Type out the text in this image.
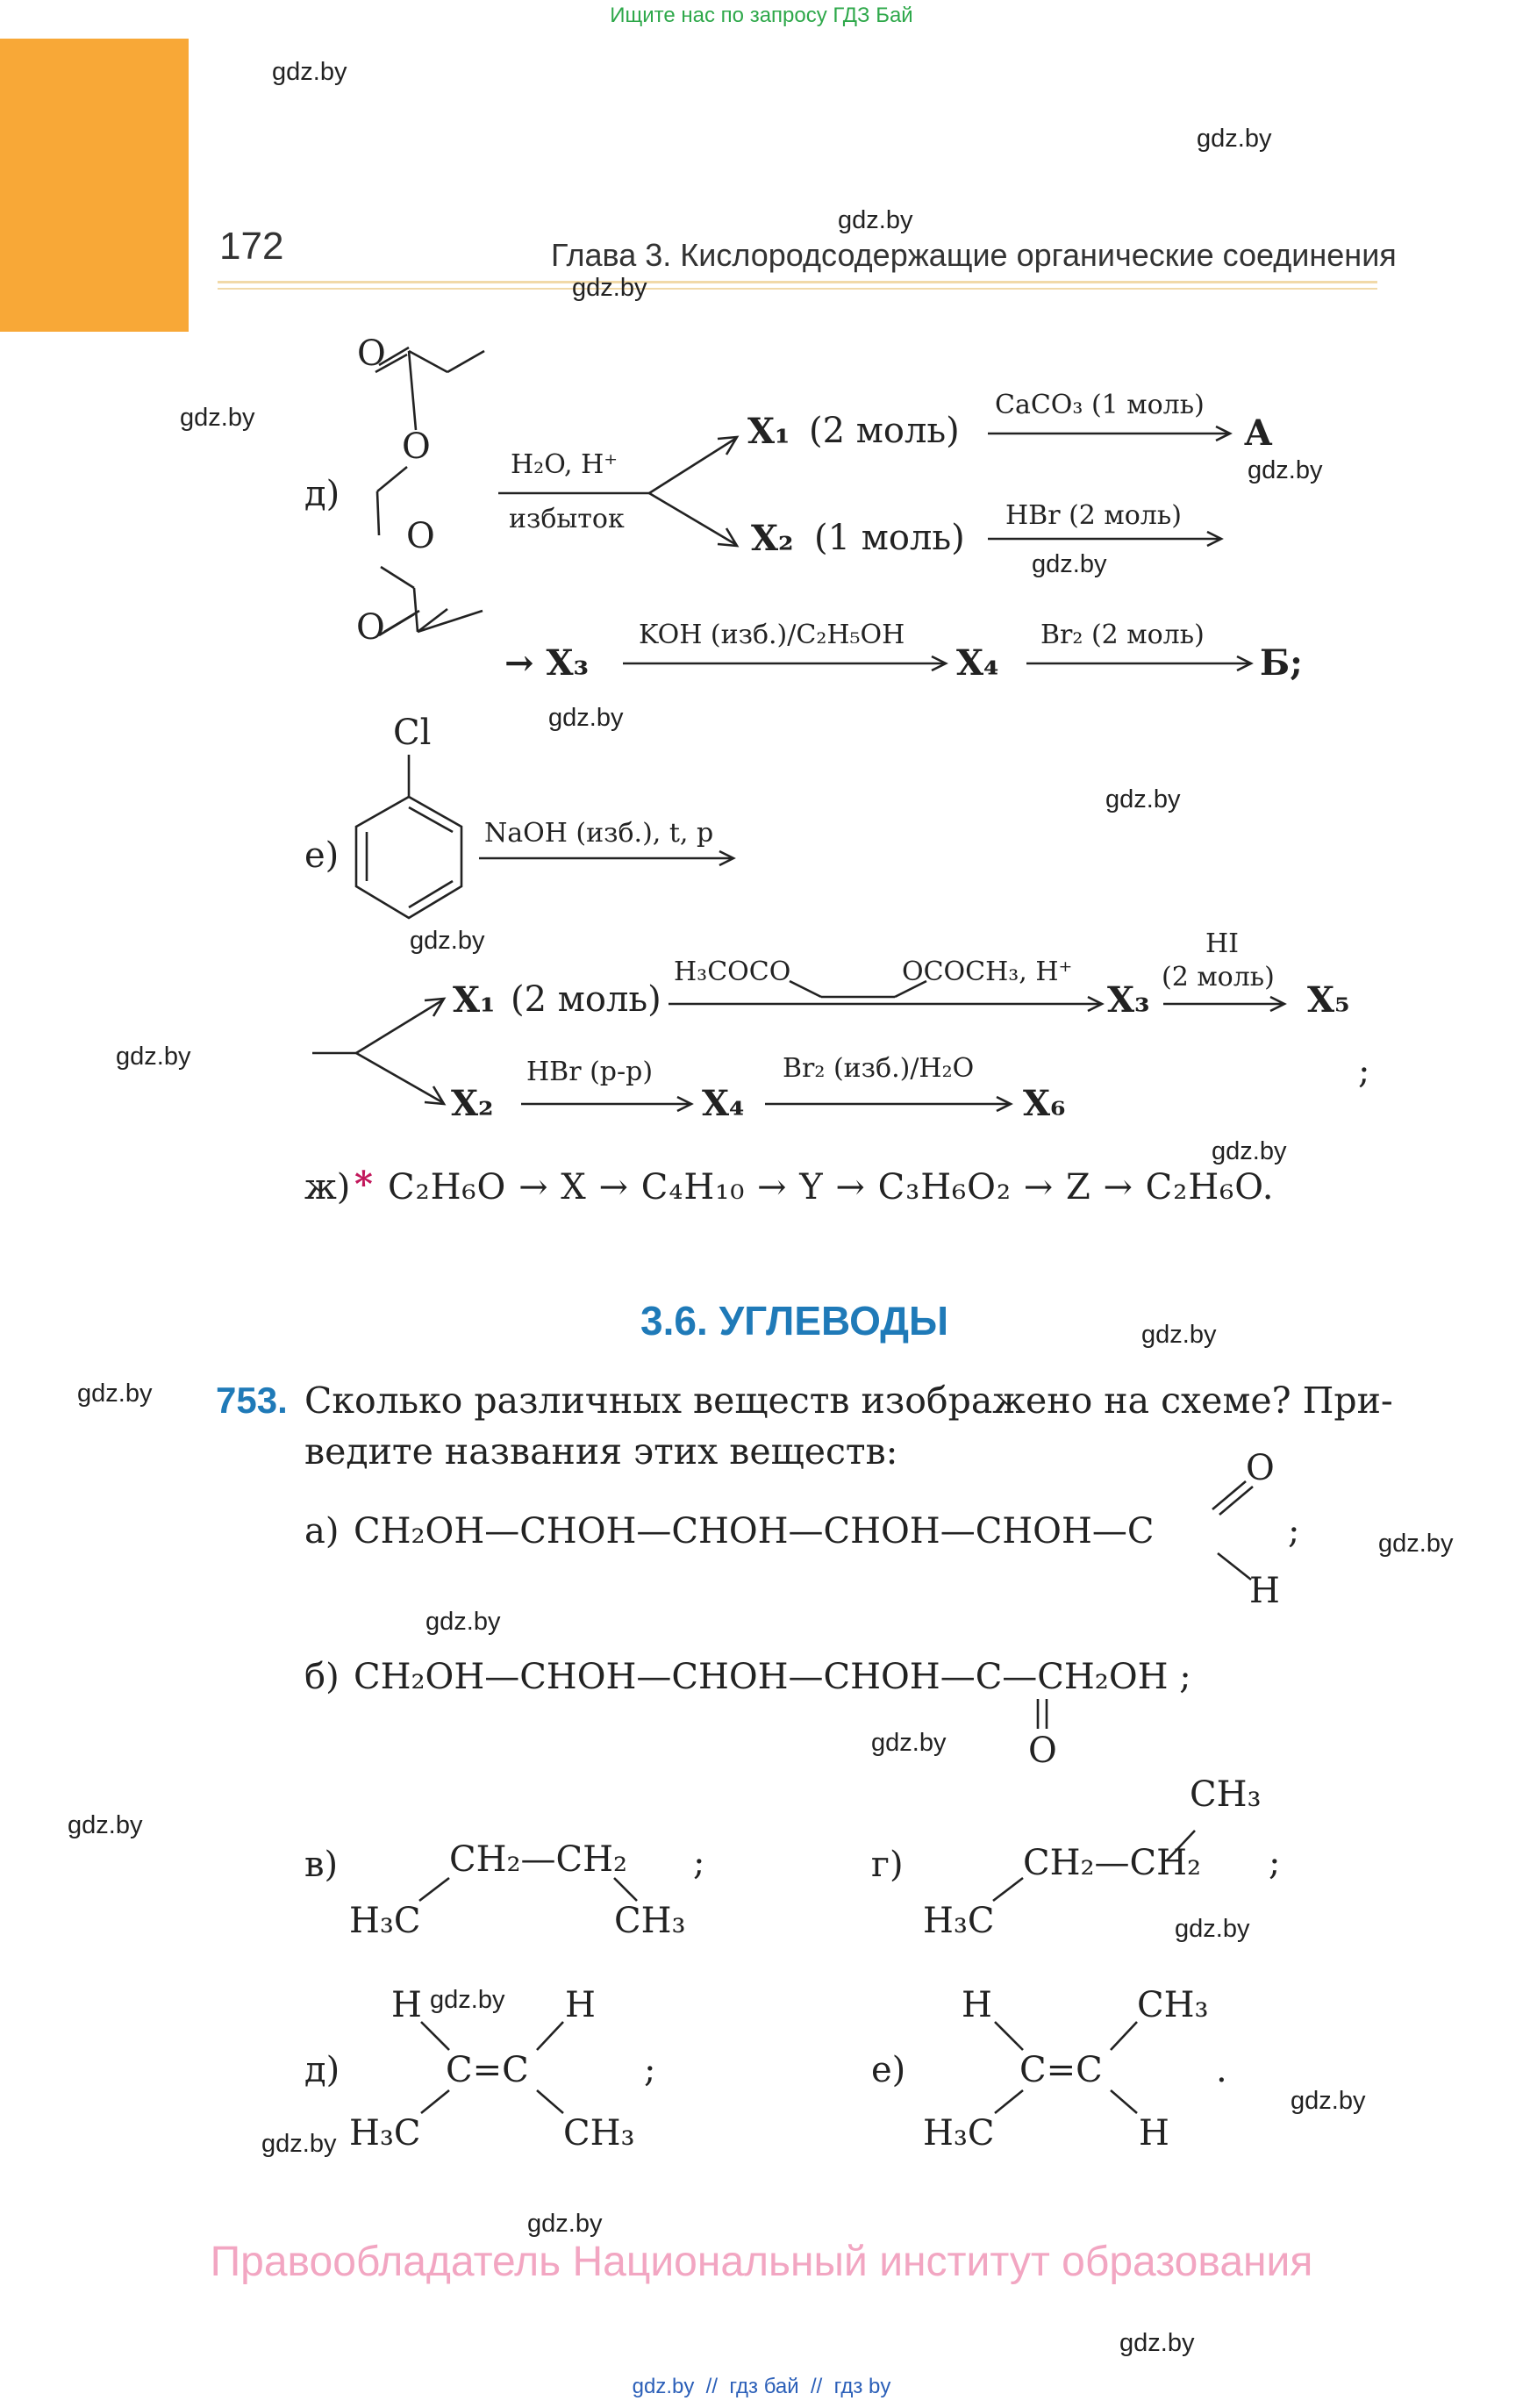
Ищите нас по запросу ГДЗ Бай
172	Глава 3. Кислородсодержащие органические соединения
gdz.by
gdz.by
gdz.by
gdz.by
gdz.by
gdz.by
gdz.by
gdz.by
gdz.by
gdz.by
gdz.by
gdz.by
gdz.by
gdz.by
gdz.by
gdz.by
gdz.by
gdz.by
gdz.by
gdz.by
gdz.by
gdz.by
gdz.by
gdz.by
д)
O
O
O
O
H₂O, H⁺
избыток
X₁ (2 моль)
CaCO₃ (1 моль)
А
X₂ (1 моль)
HBr (2 моль)
→ X₃
KOH (изб.)/C₂H₅OH
X₄
Br₂ (2 моль)
Б;
е)
Cl
NaOH (изб.), t, p
X₁ (2 моль)
H₃COCO	OCOCH₃, H⁺
X₃
HI
(2 моль)
X₅
X₂
HBr (р-р)
X₄
Br₂ (изб.)/H₂O
X₆
;
ж) * C₂H₆O → X → C₄H₁₀ → Y → C₃H₆O₂ → Z → C₂H₆O.
3.6. УГЛЕВОДЫ
753. Сколько различных веществ изображено на схеме? При-
ведите названия этих веществ:
а) CH₂OH—CHOH—CHOH—CHOH—CHOH—C
O
H
;
б) CH₂OH—CHOH—CHOH—CHOH—C—CH₂OH ;
O
в)	CH₂—CH₂
H₃C	CH₃
;	г)
CH₃
CH₂—CH₂
H₃C
;
д)
H	H
C=C
H₃C	CH₃
;	е)
H	CH₃
C=C
H₃C	H
.
Правообладатель Национальный институт образования
gdz.by  //  гдз бай  //  гдз by
